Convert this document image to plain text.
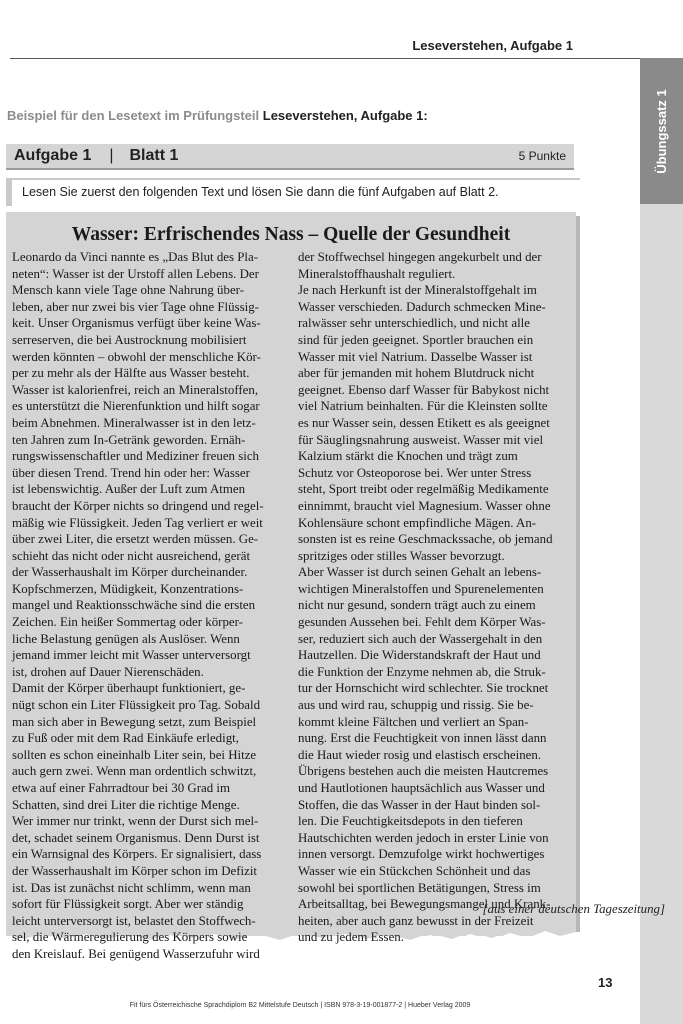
Übungssatz 1
Leseverstehen, Aufgabe 1
Beispiel für den Lesetext im Prüfungsteil Leseverstehen, Aufgabe 1:
Aufgabe 1 | Blatt 1	5 Punkte
Lesen Sie zuerst den folgenden Text und lösen Sie dann die fünf Aufgaben auf Blatt 2.
Wasser: Erfrischendes Nass – Quelle der Gesundheit
Leonardo da Vinci nannte es „Das Blut des Pla-
neten“: Wasser ist der Urstoff allen Lebens. Der
Mensch kann viele Tage ohne Nahrung über-
leben, aber nur zwei bis vier Tage ohne Flüssig-
keit. Unser Organismus verfügt über keine Was-
serreserven, die bei Austrocknung mobilisiert
werden könnten – obwohl der menschliche Kör-
per zu mehr als der Hälfte aus Wasser besteht.
Wasser ist kalorienfrei, reich an Mineralstoffen,
es unterstützt die Nierenfunktion und hilft sogar
beim Abnehmen. Mineralwasser ist in den letz-
ten Jahren zum In-Getränk geworden. Ernäh-
rungswissenschaftler und Mediziner freuen sich
über diesen Trend. Trend hin oder her: Wasser
ist lebenswichtig. Außer der Luft zum Atmen
braucht der Körper nichts so dringend und regel-
mäßig wie Flüssigkeit. Jeden Tag verliert er weit
über zwei Liter, die ersetzt werden müssen. Ge-
schieht das nicht oder nicht ausreichend, gerät
der Wasserhaushalt im Körper durcheinander.
Kopfschmerzen, Müdigkeit, Konzentrations-
mangel und Reaktionsschwäche sind die ersten
Zeichen. Ein heißer Sommertag oder körper-
liche Belastung genügen als Auslöser. Wenn
jemand immer leicht mit Wasser unterversorgt
ist, drohen auf Dauer Nierenschäden.
Damit der Körper überhaupt funktioniert, ge-
nügt schon ein Liter Flüssigkeit pro Tag. Sobald
man sich aber in Bewegung setzt, zum Beispiel
zu Fuß oder mit dem Rad Einkäufe erledigt,
sollten es schon eineinhalb Liter sein, bei Hitze
auch gern zwei. Wenn man ordentlich schwitzt,
etwa auf einer Fahrradtour bei 30 Grad im
Schatten, sind drei Liter die richtige Menge.
Wer immer nur trinkt, wenn der Durst sich mel-
det, schadet seinem Organismus. Denn Durst ist
ein Warnsignal des Körpers. Er signalisiert, dass
der Wasserhaushalt im Körper schon im Defizit
ist. Das ist zunächst nicht schlimm, wenn man
sofort für Flüssigkeit sorgt. Aber wer ständig
leicht unterversorgt ist, belastet den Stoffwech-
sel, die Wärmeregulierung des Körpers sowie
den Kreislauf. Bei genügend Wasserzufuhr wird
der Stoffwechsel hingegen angekurbelt und der
Mineralstoffhaushalt reguliert.
Je nach Herkunft ist der Mineralstoffgehalt im
Wasser verschieden. Dadurch schmecken Mine-
ralwässer sehr unterschiedlich, und nicht alle
sind für jeden geeignet. Sportler brauchen ein
Wasser mit viel Natrium. Dasselbe Wasser ist
aber für jemanden mit hohem Blutdruck nicht
geeignet. Ebenso darf Wasser für Babykost nicht
viel Natrium beinhalten. Für die Kleinsten sollte
es nur Wasser sein, dessen Etikett es als geeignet
für Säuglingsnahrung ausweist. Wasser mit viel
Kalzium stärkt die Knochen und trägt zum
Schutz vor Osteoporose bei. Wer unter Stress
steht, Sport treibt oder regelmäßig Medikamente
einnimmt, braucht viel Magnesium. Wasser ohne
Kohlensäure schont empfindliche Mägen. An-
sonsten ist es reine Geschmackssache, ob jemand
spritziges oder stilles Wasser bevorzugt.
Aber Wasser ist durch seinen Gehalt an lebens-
wichtigen Mineralstoffen und Spurenelementen
nicht nur gesund, sondern trägt auch zu einem
gesunden Aussehen bei. Fehlt dem Körper Was-
ser, reduziert sich auch der Wassergehalt in den
Hautzellen. Die Widerstandskraft der Haut und
die Funktion der Enzyme nehmen ab, die Struk-
tur der Hornschicht wird schlechter. Sie trocknet
aus und wird rau, schuppig und rissig. Sie be-
kommt kleine Fältchen und verliert an Span-
nung. Erst die Feuchtigkeit von innen lässt dann
die Haut wieder rosig und elastisch erscheinen.
Übrigens bestehen auch die meisten Hautcremes
und Hautlotionen hauptsächlich aus Wasser und
Stoffen, die das Wasser in der Haut binden sol-
len. Die Feuchtigkeitsdepots in den tieferen
Hautschichten werden jedoch in erster Linie von
innen versorgt. Demzufolge wirkt hochwertiges
Wasser wie ein Stückchen Schönheit und das
sowohl bei sportlichen Betätigungen, Stress im
Arbeitsalltag, bei Bewegungsmangel und Krank-
heiten, aber auch ganz bewusst in der Freizeit
und zu jedem Essen.
[aus einer deutschen Tageszeitung]
13
Fit fürs Österreichische Sprachdiplom B2 Mittelstufe Deutsch | ISBN 978-3-19-001877-2 | Hueber Verlag 2009
